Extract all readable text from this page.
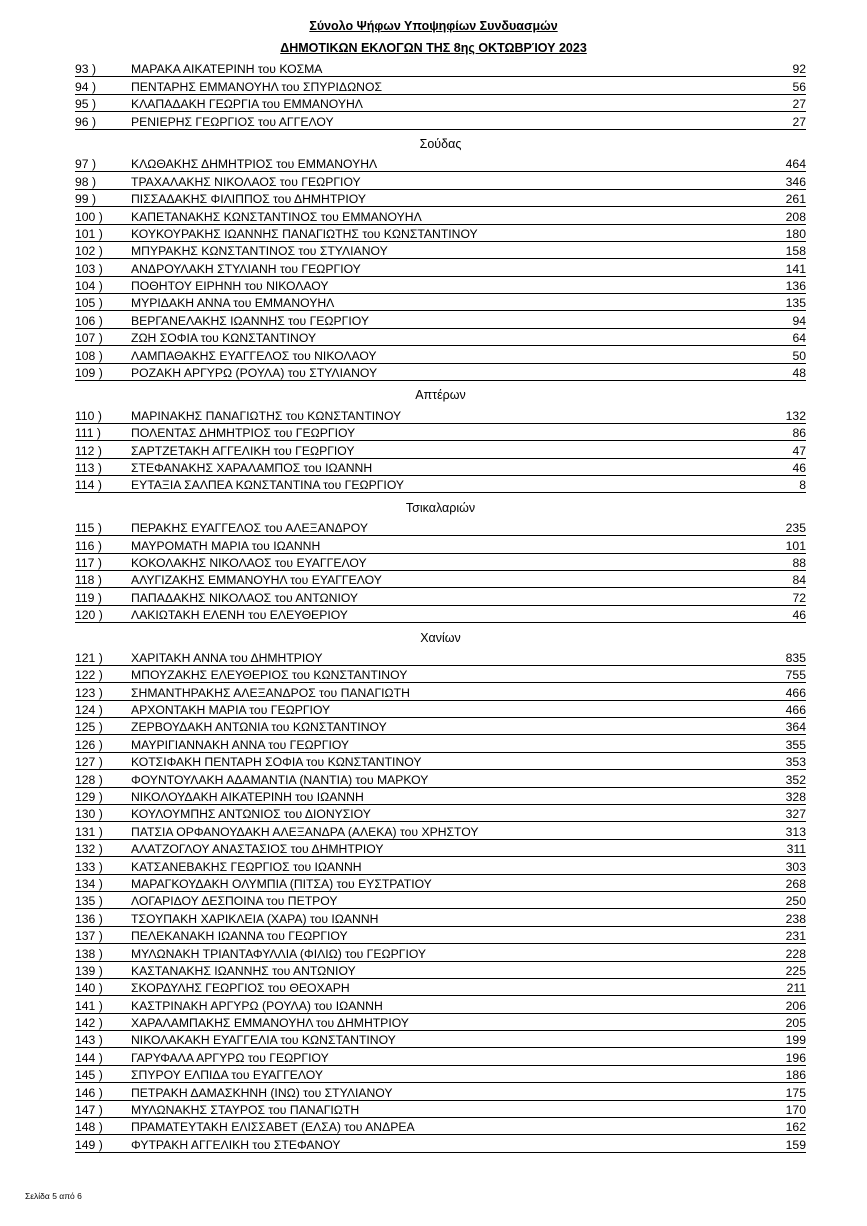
Σύνολο Ψήφων Υποψηφίων Συνδυασμών
ΔΗΜΟΤΙΚΩΝ ΕΚΛΟΓΩΝ ΤΗΣ 8ης ΟΚΤΩΒΡΊΟΥ 2023
93 )	ΜΑΡΑΚΑ ΑΙΚΑΤΕΡΙΝΗ του ΚΟΣΜΑ	92
94 )	ΠΕΝΤΑΡΗΣ ΕΜΜΑΝΟΥΗΛ του ΣΠΥΡΙΔΩΝΟΣ	56
95 )	ΚΛΑΠΑΔΑΚΗ ΓΕΩΡΓΙΑ του ΕΜΜΑΝΟΥΗΛ	27
96 )	ΡΕΝΙΕΡΗΣ ΓΕΩΡΓΙΟΣ του ΑΓΓΕΛΟΥ	27
Σούδας
97 )	ΚΛΩΘΑΚΗΣ ΔΗΜΗΤΡΙΟΣ του ΕΜΜΑΝΟΥΗΛ	464
98 )	ΤΡΑΧΑΛΑΚΗΣ ΝΙΚΟΛΑΟΣ του ΓΕΩΡΓΙΟΥ	346
99 )	ΠΙΣΣΑΔΑΚΗΣ ΦΙΛΙΠΠΟΣ του ΔΗΜΗΤΡΙΟΥ	261
100 ) ΚΑΠΕΤΑΝΑΚΗΣ ΚΩΝΣΤΑΝΤΙΝΟΣ του ΕΜΜΑΝΟΥΗΛ	208
101 ) ΚΟΥΚΟΥΡΑΚΗΣ ΙΩΑΝΝΗΣ ΠΑΝΑΓΙΩΤΗΣ του ΚΩΝΣΤΑΝΤΙΝΟΥ	180
102 ) ΜΠΥΡΑΚΗΣ ΚΩΝΣΤΑΝΤΙΝΟΣ του ΣΤΥΛΙΑΝΟΥ	158
103 ) ΑΝΔΡΟΥΛΑΚΗ ΣΤΥΛΙΑΝΗ του ΓΕΩΡΓΙΟΥ	141
104 ) ΠΟΘΗΤΟΥ ΕΙΡΗΝΗ του ΝΙΚΟΛΑΟΥ	136
105 ) ΜΥΡΙΔΑΚΗ ΑΝΝΑ του ΕΜΜΑΝΟΥΗΛ	135
106 ) ΒΕΡΓΑΝΕΛΑΚΗΣ ΙΩΑΝΝΗΣ του ΓΕΩΡΓΙΟΥ	94
107 ) ΖΩΗ ΣΟΦΙΑ του ΚΩΝΣΤΑΝΤΙΝΟΥ	64
108 ) ΛΑΜΠΑΘΑΚΗΣ ΕΥΑΓΓΕΛΟΣ του ΝΙΚΟΛΑΟΥ	50
109 ) ΡΟΖΑΚΗ ΑΡΓΥΡΩ (ΡΟΥΛΑ) του ΣΤΥΛΙΑΝΟΥ	48
Απτέρων
110 ) ΜΑΡΙΝΑΚΗΣ ΠΑΝΑΓΙΩΤΗΣ του ΚΩΝΣΤΑΝΤΙΝΟΥ	132
111 ) ΠΟΛΕΝΤΑΣ ΔΗΜΗΤΡΙΟΣ του ΓΕΩΡΓΙΟΥ	86
112 ) ΣΑΡΤΖΕΤΑΚΗ ΑΓΓΕΛΙΚΗ του ΓΕΩΡΓΙΟΥ	47
113 ) ΣΤΕΦΑΝΑΚΗΣ ΧΑΡΑΛΑΜΠΟΣ του ΙΩΑΝΝΗ	46
114 ) ΕΥΤΑΞΙΑ ΣΑΛΠΕΑ ΚΩΝΣΤΑΝΤΙΝΑ του ΓΕΩΡΓΙΟΥ	8
Τσικαλαριών
115 ) ΠΕΡΑΚΗΣ ΕΥΑΓΓΕΛΟΣ του ΑΛΕΞΑΝΔΡΟΥ	235
116 ) ΜΑΥΡΟΜΑΤΗ ΜΑΡΙΑ του ΙΩΑΝΝΗ	101
117 ) ΚΟΚΟΛΑΚΗΣ ΝΙΚΟΛΑΟΣ του ΕΥΑΓΓΕΛΟΥ	88
118 ) ΑΛΥΓΙΖΑΚΗΣ ΕΜΜΑΝΟΥΗΛ του ΕΥΑΓΓΕΛΟΥ	84
119 ) ΠΑΠΑΔΑΚΗΣ ΝΙΚΟΛΑΟΣ του ΑΝΤΩΝΙΟΥ	72
120 ) ΛΑΚΙΩΤΑΚΗ ΕΛΕΝΗ του ΕΛΕΥΘΕΡΙΟΥ	46
Χανίων
121 ) ΧΑΡΙΤΑΚΗ ΑΝΝΑ του ΔΗΜΗΤΡΙΟΥ	835
122 ) ΜΠΟΥΖΑΚΗΣ ΕΛΕΥΘΕΡΙΟΣ του ΚΩΝΣΤΑΝΤΙΝΟΥ	755
123 ) ΣΗΜΑΝΤΗΡΑΚΗΣ ΑΛΕΞΑΝΔΡΟΣ του ΠΑΝΑΓΙΩΤΗ	466
124 ) ΑΡΧΟΝΤΑΚΗ ΜΑΡΙΑ του ΓΕΩΡΓΙΟΥ	466
125 ) ΖΕΡΒΟΥΔΑΚΗ ΑΝΤΩΝΙΑ του ΚΩΝΣΤΑΝΤΙΝΟΥ	364
126 ) ΜΑΥΡΙΓΙΑΝΝΑΚΗ ΑΝΝΑ του ΓΕΩΡΓΙΟΥ	355
127 ) ΚΟΤΣΙΦΑΚΗ ΠΕΝΤΑΡΗ ΣΟΦΙΑ του ΚΩΝΣΤΑΝΤΙΝΟΥ	353
128 ) ΦΟΥΝΤΟΥΛΑΚΗ ΑΔΑΜΑΝΤΙΑ (ΝΑΝΤΙΑ) του ΜΑΡΚΟΥ	352
129 ) ΝΙΚΟΛΟΥΔΑΚΗ ΑΙΚΑΤΕΡΙΝΗ του ΙΩΑΝΝΗ	328
130 ) ΚΟΥΛΟΥΜΠΗΣ ΑΝΤΩΝΙΟΣ του ΔΙΟΝΥΣΙΟΥ	327
131 ) ΠΑΤΣΙΑ ΟΡΦΑΝΟΥΔΑΚΗ ΑΛΕΞΑΝΔΡΑ (ΑΛΕΚΑ) του ΧΡΗΣΤΟΥ	313
132 ) ΑΛΑΤΖΟΓΛΟΥ ΑΝΑΣΤΑΣΙΟΣ του ΔΗΜΗΤΡΙΟΥ	311
133 ) ΚΑΤΣΑΝΕΒΑΚΗΣ ΓΕΩΡΓΙΟΣ του ΙΩΑΝΝΗ	303
134 ) ΜΑΡΑΓΚΟΥΔΑΚΗ ΟΛΥΜΠΙΑ (ΠΙΤΣΑ) του ΕΥΣΤΡΑΤΙΟΥ	268
135 ) ΛΟΓΑΡΙΔΟΥ ΔΕΣΠΟΙΝΑ του ΠΕΤΡΟΥ	250
136 ) ΤΣΟΥΠΑΚΗ ΧΑΡΙΚΛΕΙΑ (ΧΑΡΑ) του ΙΩΑΝΝΗ	238
137 ) ΠΕΛΕΚΑΝΑΚΗ ΙΩΑΝΝΑ του ΓΕΩΡΓΙΟΥ	231
138 ) ΜΥΛΩΝΑΚΗ ΤΡΙΑΝΤΑΦΥΛΛΙΑ (ΦΙΛΙΩ) του ΓΕΩΡΓΙΟΥ	228
139 ) ΚΑΣΤΑΝΑΚΗΣ ΙΩΑΝΝΗΣ του ΑΝΤΩΝΙΟΥ	225
140 ) ΣΚΟΡΔΥΛΗΣ ΓΕΩΡΓΙΟΣ του ΘΕΟΧΑΡΗ	211
141 ) ΚΑΣΤΡΙΝΑΚΗ ΑΡΓΥΡΩ (ΡΟΥΛΑ) του ΙΩΑΝΝΗ	206
142 ) ΧΑΡΑΛΑΜΠΑΚΗΣ ΕΜΜΑΝΟΥΗΛ του ΔΗΜΗΤΡΙΟΥ	205
143 ) ΝΙΚΟΛΑΚΑΚΗ ΕΥΑΓΓΕΛΙΑ του ΚΩΝΣΤΑΝΤΙΝΟΥ	199
144 ) ΓΑΡΥΦΑΛΑ ΑΡΓΥΡΩ του ΓΕΩΡΓΙΟΥ	196
145 ) ΣΠΥΡΟΥ ΕΛΠΙΔΑ του ΕΥΑΓΓΕΛΟΥ	186
146 ) ΠΕΤΡΑΚΗ ΔΑΜΑΣΚΗΝΗ (ΙΝΩ) του ΣΤΥΛΙΑΝΟΥ	175
147 ) ΜΥΛΩΝΑΚΗΣ ΣΤΑΥΡΟΣ του ΠΑΝΑΓΙΩΤΗ	170
148 ) ΠΡΑΜΑΤΕΥΤΑΚΗ ΕΛΙΣΣΑΒΕΤ (ΕΛΣΑ) του ΑΝΔΡΕΑ	162
149 ) ΦΥΤΡΑΚΗ ΑΓΓΕΛΙΚΗ του ΣΤΕΦΑΝΟΥ	159
Σελίδα 5 από 6
